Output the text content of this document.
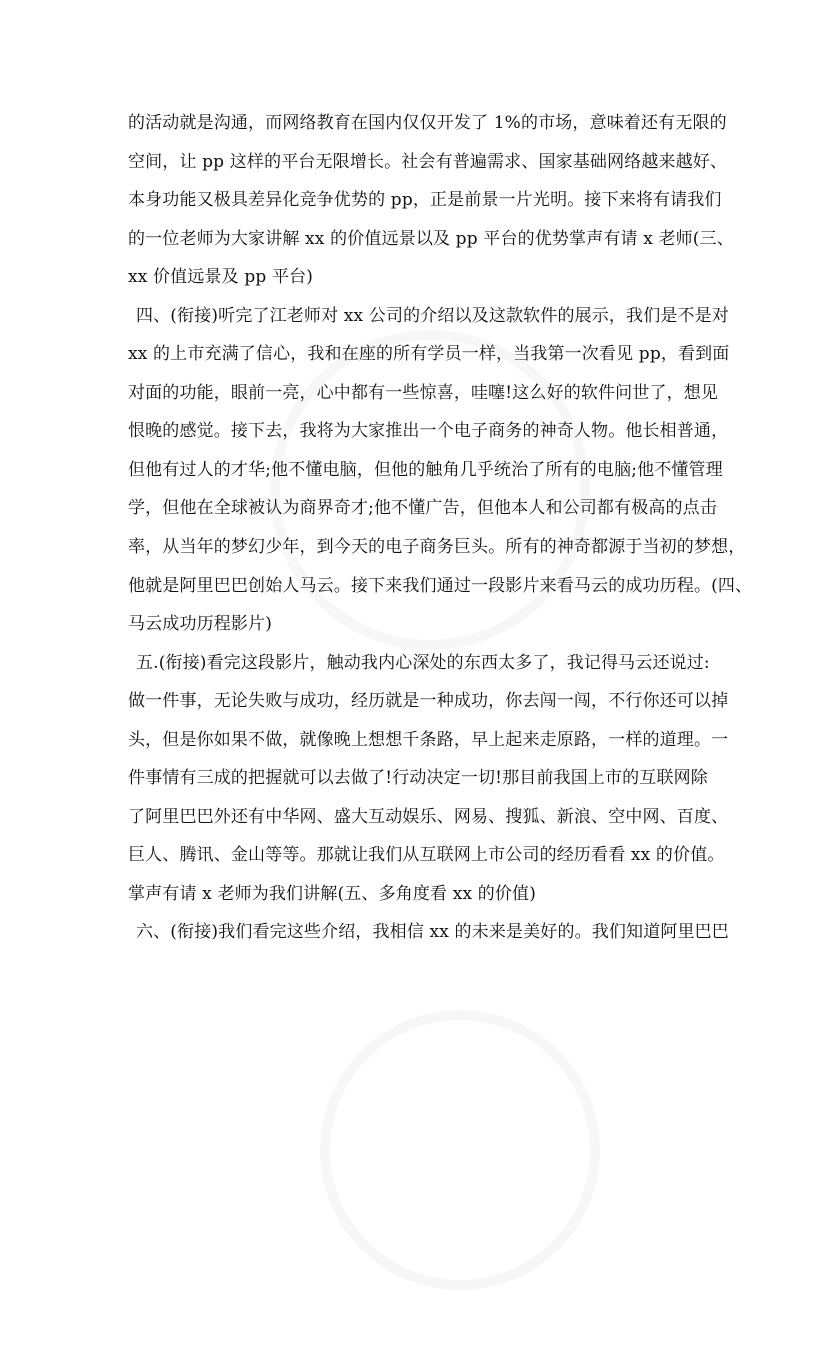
的活动就是沟通，而网络教育在国内仅仅开发了 1%的市场，意味着还有无限的
空间，让 pp 这样的平台无限增长。社会有普遍需求、国家基础网络越来越好、
本身功能又极具差异化竞争优势的 pp，正是前景一片光明。接下来将有请我们
的一位老师为大家讲解 xx 的价值远景以及 pp 平台的优势掌声有请 x 老师(三、
xx 价值远景及 pp 平台)
四、(衔接)听完了江老师对 xx 公司的介绍以及这款软件的展示，我们是不是对
xx 的上市充满了信心，我和在座的所有学员一样，当我第一次看见 pp，看到面
对面的功能，眼前一亮，心中都有一些惊喜，哇噻!这么好的软件问世了，想见
恨晚的感觉。接下去，我将为大家推出一个电子商务的神奇人物。他长相普通，
但他有过人的才华;他不懂电脑，但他的触角几乎统治了所有的电脑;他不懂管理
学，但他在全球被认为商界奇才;他不懂广告，但他本人和公司都有极高的点击
率，从当年的梦幻少年，到今天的电子商务巨头。所有的神奇都源于当初的梦想，
他就是阿里巴巴创始人马云。接下来我们通过一段影片来看马云的成功历程。(四、
马云成功历程影片)
五.(衔接)看完这段影片，触动我内心深处的东西太多了，我记得马云还说过:
做一件事，无论失败与成功，经历就是一种成功，你去闯一闯，不行你还可以掉
头，但是你如果不做，就像晚上想想千条路，早上起来走原路，一样的道理。一
件事情有三成的把握就可以去做了!行动决定一切!那目前我国上市的互联网除
了阿里巴巴外还有中华网、盛大互动娱乐、网易、搜狐、新浪、空中网、百度、
巨人、腾讯、金山等等。那就让我们从互联网上市公司的经历看看 xx 的价值。
掌声有请 x 老师为我们讲解(五、多角度看 xx 的价值)
六、(衔接)我们看完这些介绍，我相信 xx 的未来是美好的。我们知道阿里巴巴
